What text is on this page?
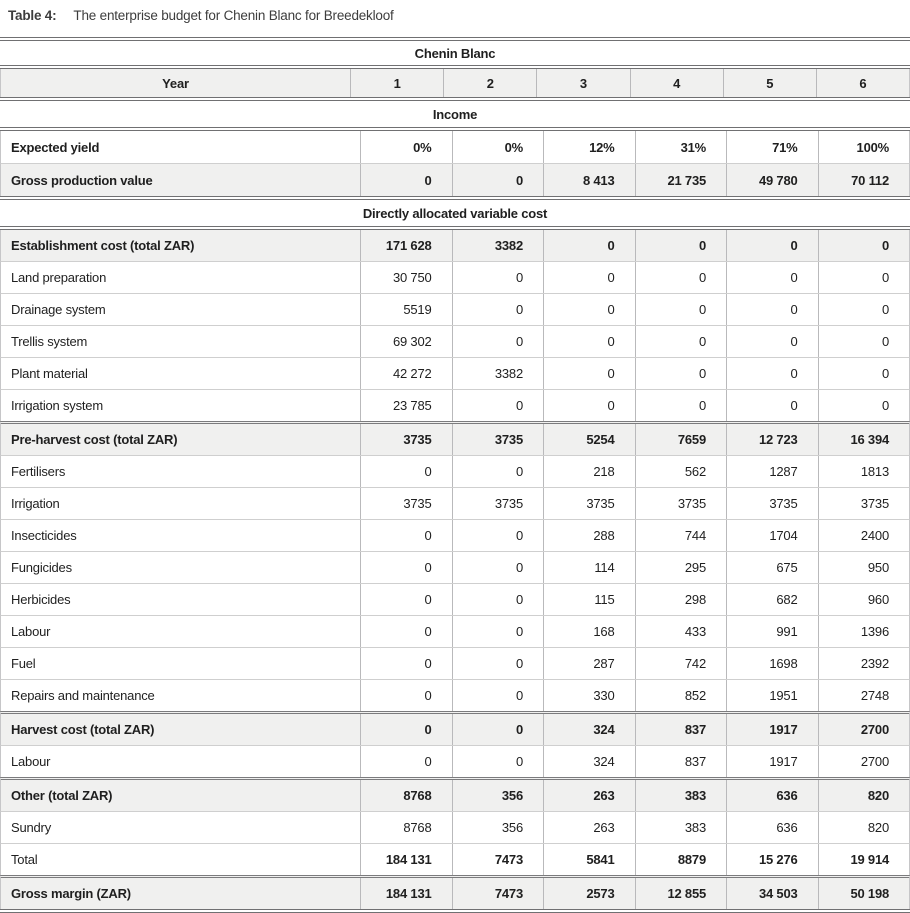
Table 4: The enterprise budget for Chenin Blanc for Breedekloof
Chenin Blanc
Year	1	2	3	4	5	6
Income
Expected yield	0%	0%	12%	31%	71%	100%
Gross production value	0	0	8 413	21 735	49 780	70 112
Directly allocated variable cost
Establishment cost (total ZAR)	171 628	3382	0	0	0	0
Land preparation	30 750	0	0	0	0	0
Drainage system	5519	0	0	0	0	0
Trellis system	69 302	0	0	0	0	0
Plant material	42 272	3382	0	0	0	0
Irrigation system	23 785	0	0	0	0	0
Pre-harvest cost (total ZAR)	3735	3735	5254	7659	12 723	16 394
Fertilisers	0	0	218	562	1287	1813
Irrigation	3735	3735	3735	3735	3735	3735
Insecticides	0	0	288	744	1704	2400
Fungicides	0	0	114	295	675	950
Herbicides	0	0	115	298	682	960
Labour	0	0	168	433	991	1396
Fuel	0	0	287	742	1698	2392
Repairs and maintenance	0	0	330	852	1951	2748
Harvest cost (total ZAR)	0	0	324	837	1917	2700
Labour	0	0	324	837	1917	2700
Other (total ZAR)	8768	356	263	383	636	820
Sundry	8768	356	263	383	636	820
Total	184 131	7473	5841	8879	15 276	19 914
Gross margin (ZAR)	184 131	7473	2573	12 855	34 503	50 198
